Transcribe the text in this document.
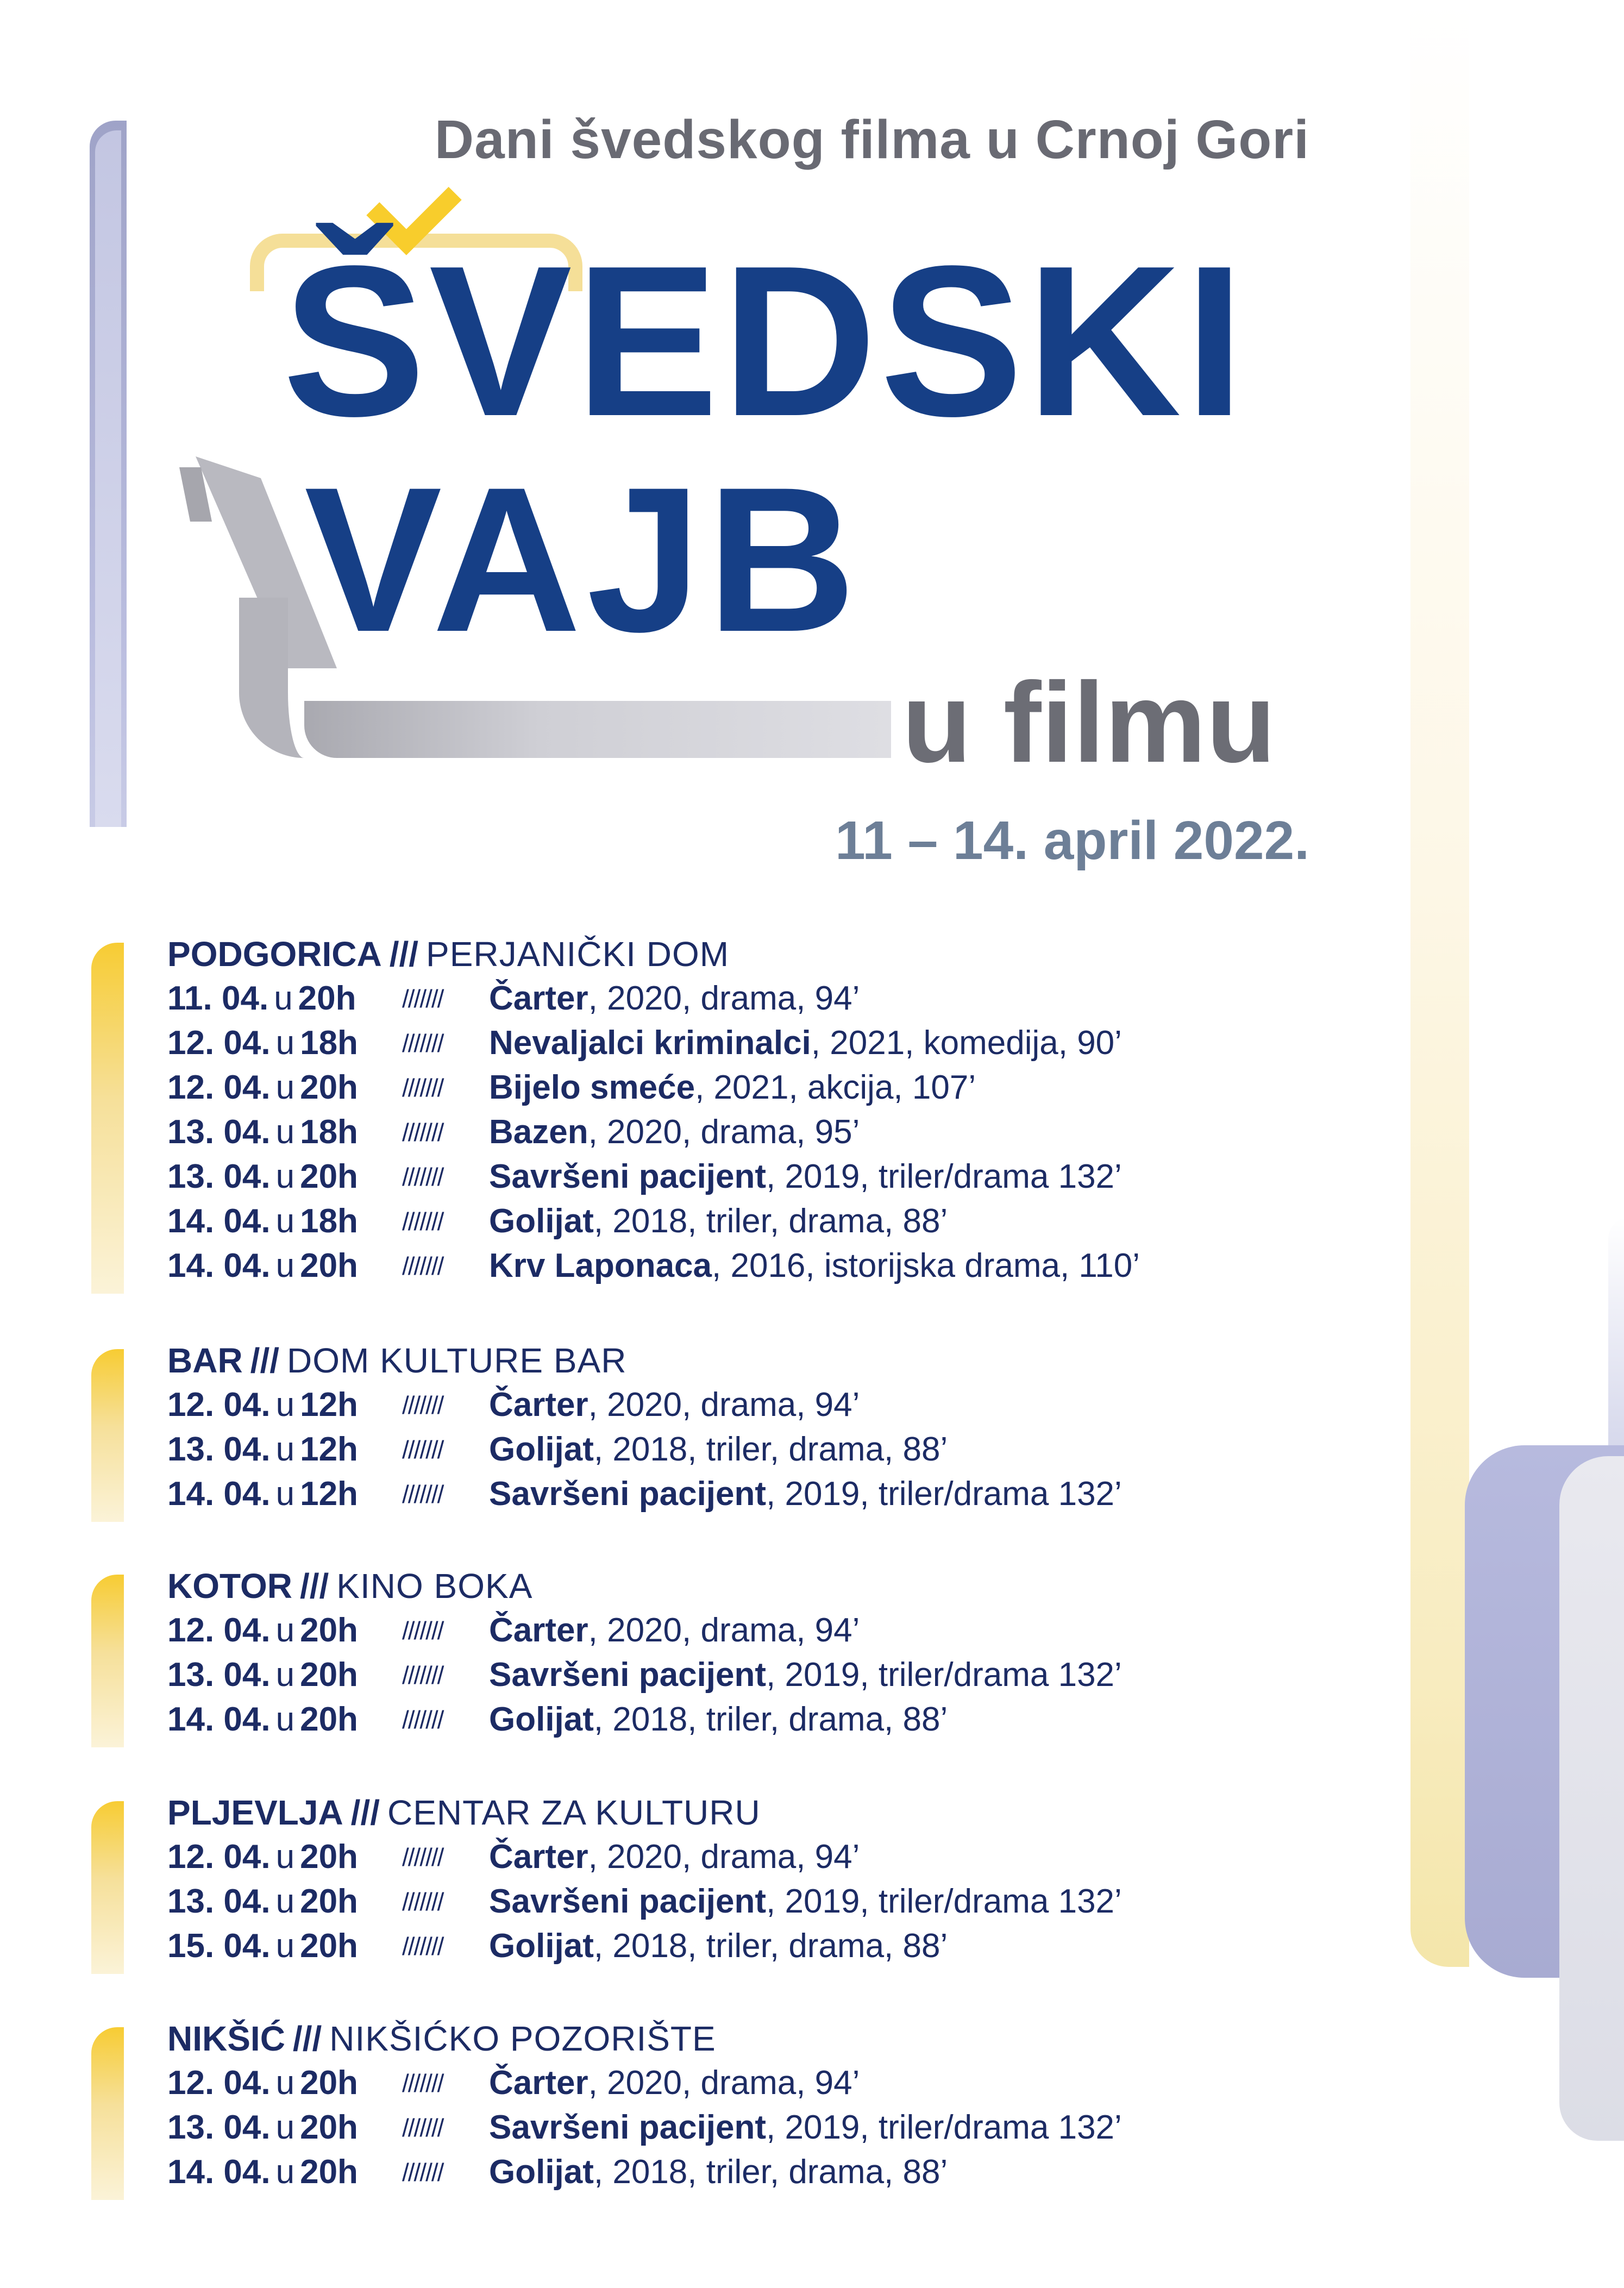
Dani švedskog filma u Crnoj Gori
ŠVEDSKI
VAJB
u filmu
11 – 14. april 2022.
PODGORICA /// PERJANIČKI DOM
11. 04. u 20h /////// Čarter, 2020, drama, 94’
12. 04. u 18h /////// Nevaljalci kriminalci, 2021, komedija, 90’
12. 04. u 20h /////// Bijelo smeće, 2021, akcija, 107’
13. 04. u 18h /////// Bazen, 2020, drama, 95’
13. 04. u 20h /////// Savršeni pacijent, 2019, triler/drama 132’
14. 04. u 18h /////// Golijat, 2018, triler, drama, 88’
14. 04. u 20h /////// Krv Laponaca, 2016, istorijska drama, 110’
BAR /// DOM KULTURE BAR
12. 04. u 12h /////// Čarter, 2020, drama, 94’
13. 04. u 12h /////// Golijat, 2018, triler, drama, 88’
14. 04. u 12h /////// Savršeni pacijent, 2019, triler/drama 132’
KOTOR /// KINO BOKA
12. 04. u 20h /////// Čarter, 2020, drama, 94’
13. 04. u 20h /////// Savršeni pacijent, 2019, triler/drama 132’
14. 04. u 20h /////// Golijat, 2018, triler, drama, 88’
PLJEVLJA /// CENTAR ZA KULTURU
12. 04. u 20h /////// Čarter, 2020, drama, 94’
13. 04. u 20h /////// Savršeni pacijent, 2019, triler/drama 132’
15. 04. u 20h /////// Golijat, 2018, triler, drama, 88’
NIKŠIĆ /// NIKŠIĆKO POZORIŠTE
12. 04. u 20h /////// Čarter, 2020, drama, 94’
13. 04. u 20h /////// Savršeni pacijent, 2019, triler/drama 132’
14. 04. u 20h /////// Golijat, 2018, triler, drama, 88’
